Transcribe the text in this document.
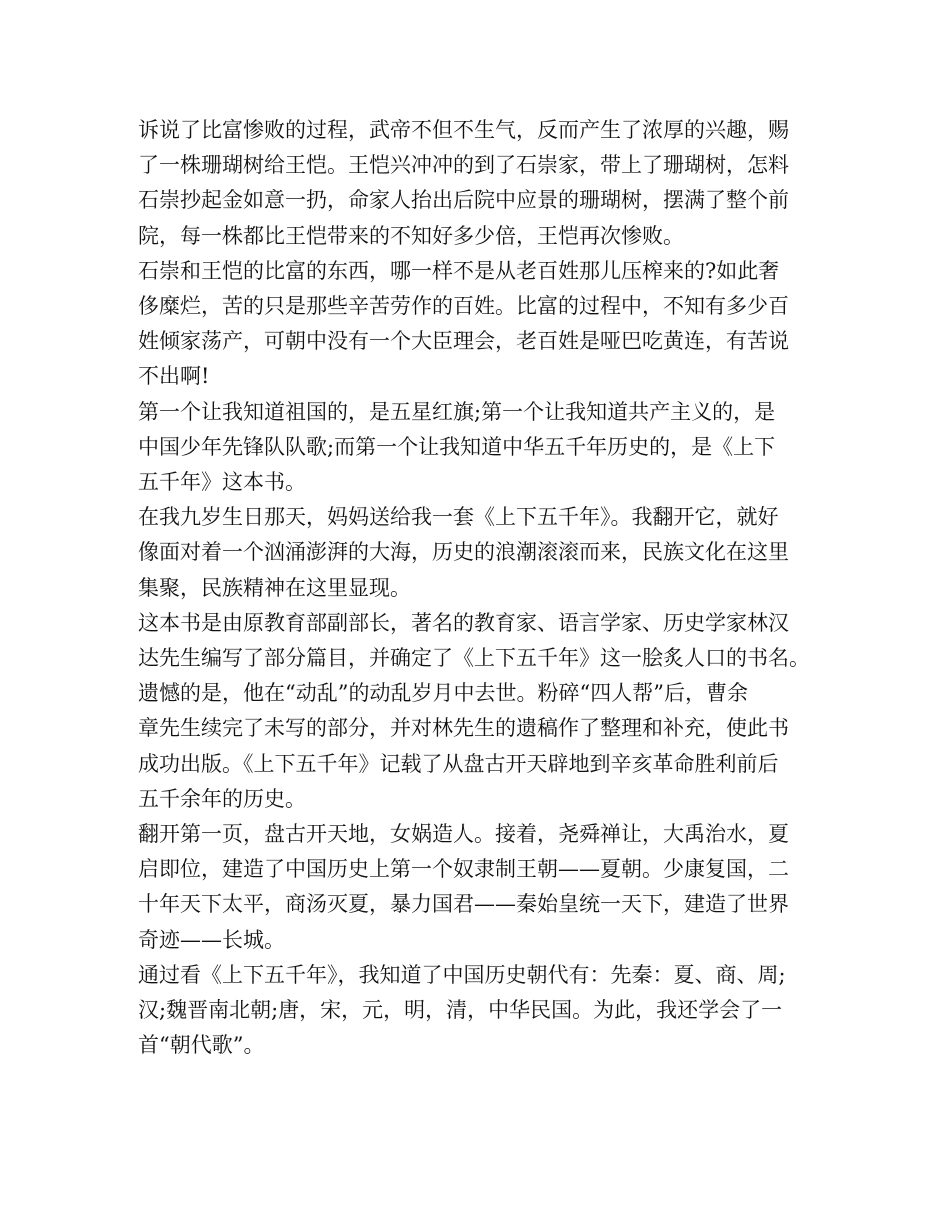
诉说了比富惨败的过程，武帝不但不生气，反而产生了浓厚的兴趣，赐
了一株珊瑚树给王恺。王恺兴冲冲的到了石崇家，带上了珊瑚树，怎料
石崇抄起金如意一扔，命家人抬出后院中应景的珊瑚树，摆满了整个前
院，每一株都比王恺带来的不知好多少倍，王恺再次惨败。

石崇和王恺的比富的东西，哪一样不是从老百姓那儿压榨来的?如此奢
侈糜烂，苦的只是那些辛苦劳作的百姓。比富的过程中，不知有多少百
姓倾家荡产，可朝中没有一个大臣理会，老百姓是哑巴吃黄连，有苦说
不出啊!

第一个让我知道祖国的，是五星红旗;第一个让我知道共产主义的，是
中国少年先锋队队歌;而第一个让我知道中华五千年历史的，是《上下
五千年》这本书。

在我九岁生日那天，妈妈送给我一套《上下五千年》。我翻开它，就好
像面对着一个汹涌澎湃的大海，历史的浪潮滚滚而来，民族文化在这里
集聚，民族精神在这里显现。

这本书是由原教育部副部长，著名的教育家、语言学家、历史学家林汉
达先生编写了部分篇目，并确定了《上下五千年》这一脍炙人口的书名。
遗憾的是，他在“动乱”的动乱岁月中去世。粉碎“四人帮”后，曹余
章先生续完了未写的部分，并对林先生的遗稿作了整理和补充，使此书
成功出版。《上下五千年》记载了从盘古开天辟地到辛亥革命胜利前后
五千余年的历史。

翻开第一页，盘古开天地，女娲造人。接着，尧舜禅让，大禹治水，夏
启即位，建造了中国历史上第一个奴隶制王朝——夏朝。少康复国，二
十年天下太平，商汤灭夏，暴力国君——秦始皇统一天下，建造了世界
奇迹——长城。

通过看《上下五千年》，我知道了中国历史朝代有：先秦：夏、商、周;
汉;魏晋南北朝;唐，宋，元，明，清，中华民国。为此，我还学会了一
首“朝代歌”。
